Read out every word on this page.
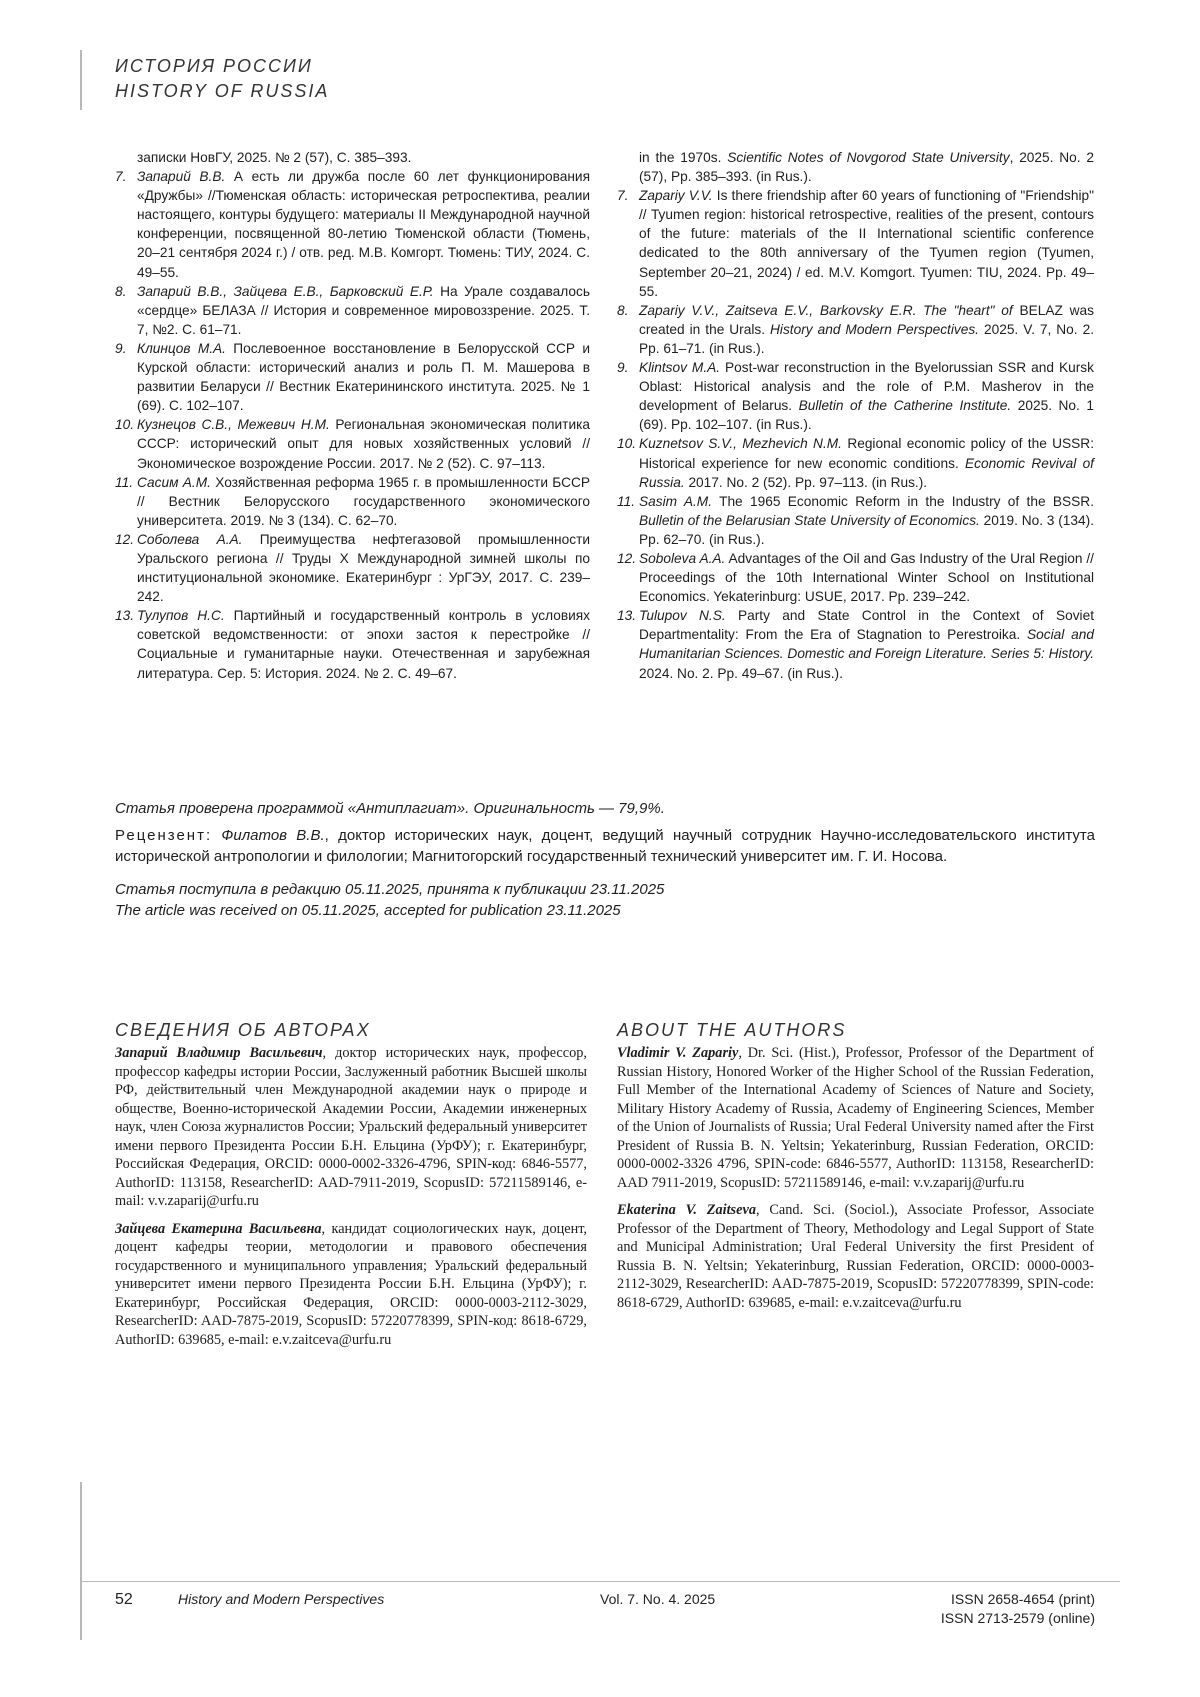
ИСТОРИЯ РОССИИ
HISTORY OF RUSSIA
записки НовГУ, 2025. № 2 (57), С. 385–393.
7. Запарий В.В. А есть ли дружба после 60 лет функционирования «Дружбы» //Тюменская область: историческая ретроспектива, реалии настоящего, контуры будущего: материалы II Международной научной конференции, посвященной 80-летию Тюменской области (Тюмень, 20–21 сентября 2024 г.) / отв. ред. М.В. Комгорт. Тюмень: ТИУ, 2024. С. 49–55.
8. Запарий В.В., Зайцева Е.В., Барковский Е.Р. На Урале создавалось «сердце» БЕЛАЗА // История и современное мировоззрение. 2025. Т. 7, №2. С. 61–71.
9. Клинцов М.А. Послевоенное восстановление в Белорусской ССР и Курской области: исторический анализ и роль П. М. Машерова в развитии Беларуси // Вестник Екатерининского института. 2025. № 1 (69). С. 102–107.
10. Кузнецов С.В., Межевич Н.М. Региональная экономическая политика СССР: исторический опыт для новых хозяйственных условий // Экономическое возрождение России. 2017. № 2 (52). С. 97–113.
11. Сасим А.М. Хозяйственная реформа 1965 г. в промышленности БССР // Вестник Белорусского государственного экономического университета. 2019. № 3 (134). С. 62–70.
12. Соболева А.А. Преимущества нефтегазовой промышленности Уральского региона // Труды X Международной зимней школы по институциональной экономике. Екатеринбург : УрГЭУ, 2017. С. 239–242.
13. Тулупов Н.С. Партийный и государственный контроль в условиях советской ведомственности: от эпохи застоя к перестройке // Социальные и гуманитарные науки. Отечественная и зарубежная литература. Сер. 5: История. 2024. № 2. С. 49–67.
in the 1970s. Scientific Notes of Novgorod State University, 2025. No. 2 (57), Pp. 385–393. (in Rus.).
7. Zapariy V.V. Is there friendship after 60 years of functioning of "Friendship" // Tyumen region: historical retrospective, realities of the present, contours of the future: materials of the II International scientific conference dedicated to the 80th anniversary of the Tyumen region (Tyumen, September 20–21, 2024) / ed. M.V. Komgort. Tyumen: TIU, 2024. Pp. 49–55.
8. Zapariy V.V., Zaitseva E.V., Barkovsky E.R. The "heart" of BELAZ was created in the Urals. History and Modern Perspectives. 2025. V. 7, No. 2. Pp. 61–71. (in Rus.).
9. Klintsov M.A. Post-war reconstruction in the Byelorussian SSR and Kursk Oblast: Historical analysis and the role of P.M. Masherov in the development of Belarus. Bulletin of the Catherine Institute. 2025. No. 1 (69). Pp. 102–107. (in Rus.).
10. Kuznetsov S.V., Mezhevich N.M. Regional economic policy of the USSR: Historical experience for new economic conditions. Economic Revival of Russia. 2017. No. 2 (52). Pp. 97–113. (in Rus.).
11. Sasim A.M. The 1965 Economic Reform in the Industry of the BSSR. Bulletin of the Belarusian State University of Economics. 2019. No. 3 (134). Pp. 62–70. (in Rus.).
12. Soboleva A.A. Advantages of the Oil and Gas Industry of the Ural Region // Proceedings of the 10th International Winter School on Institutional Economics. Yekaterinburg: USUE, 2017. Pp. 239–242.
13. Tulupov N.S. Party and State Control in the Context of Soviet Departmentality: From the Era of Stagnation to Perestroika. Social and Humanitarian Sciences. Domestic and Foreign Literature. Series 5: History. 2024. No. 2. Pp. 49–67. (in Rus.).
Статья проверена программой «Антиплагиат». Оригинальность — 79,9%.
Рецензент: Филатов В.В., доктор исторических наук, доцент, ведущий научный сотрудник Научно-исследовательского института исторической антропологии и филологии; Магнитогорский государственный технический университет им. Г. И. Носова.
Статья поступила в редакцию 05.11.2025, принята к публикации 23.11.2025
The article was received on 05.11.2025, accepted for publication 23.11.2025
СВЕДЕНИЯ ОБ АВТОРАХ	ABOUT THE AUTHORS

Запарий Владимир Васильевич, доктор исторических наук, профессор, профессор кафедры истории России, Заслуженный работник Высшей школы РФ, действительный член Международной академии наук о природе и обществе, Военно-исторической Академии России, Академии инженерных наук, член Союза журналистов России; Уральский федеральный университет имени первого Президента России Б.Н. Ельцина (УрФУ); г. Екатеринбург, Российская Федерация, ORCID: 0000-0002-3326-4796, SPIN-код: 6846-5577, AuthorID: 113158, ResearcherID: AAD-7911-2019, ScopusID: 57211589146, e-mail: v.v.zaparij@urfu.ru

Зайцева Екатерина Васильевна, кандидат социологических наук, доцент, доцент кафедры теории, методологии и правового обеспечения государственного и муниципального управления; Уральский федеральный университет имени первого Президента России Б.Н. Ельцина (УрФУ); г. Екатеринбург, Российская Федерация, ORCID: 0000-0003-2112-3029, ResearcherID: AAD-7875-2019, ScopusID: 57220778399, SPIN-код: 8618-6729, AuthorID: 639685, e-mail: e.v.zaitceva@urfu.ru

Vladimir V. Zapariy, Dr. Sci. (Hist.), Professor, Professor of the Department of Russian History, Honored Worker of the Higher School of the Russian Federation, Full Member of the International Academy of Sciences of Nature and Society, Military History Academy of Russia, Academy of Engineering Sciences, Member of the Union of Journalists of Russia; Ural Federal University named after the First President of Russia B. N. Yeltsin; Yekaterinburg, Russian Federation, ORCID: 0000-0002-3326 4796, SPIN-code: 6846-5577, AuthorID: 113158, ResearcherID: AAD 7911-2019, ScopusID: 57211589146, e-mail: v.v.zaparij@urfu.ru

Ekaterina V. Zaitseva, Cand. Sci. (Sociol.), Associate Professor, Associate Professor of the Department of Theory, Methodology and Legal Support of State and Municipal Administration; Ural Federal University the first President of Russia B. N. Yeltsin; Yekaterinburg, Russian Federation, ORCID: 0000-0003-2112-3029, ResearcherID: AAD-7875-2019, ScopusID: 57220778399, SPIN-code: 8618-6729, AuthorID: 639685, e-mail: e.v.zaitceva@urfu.ru

52	History and Modern Perspectives	Vol. 7. No. 4. 2025	ISSN 2658-4654 (print)
ISSN 2713-2579 (online)
